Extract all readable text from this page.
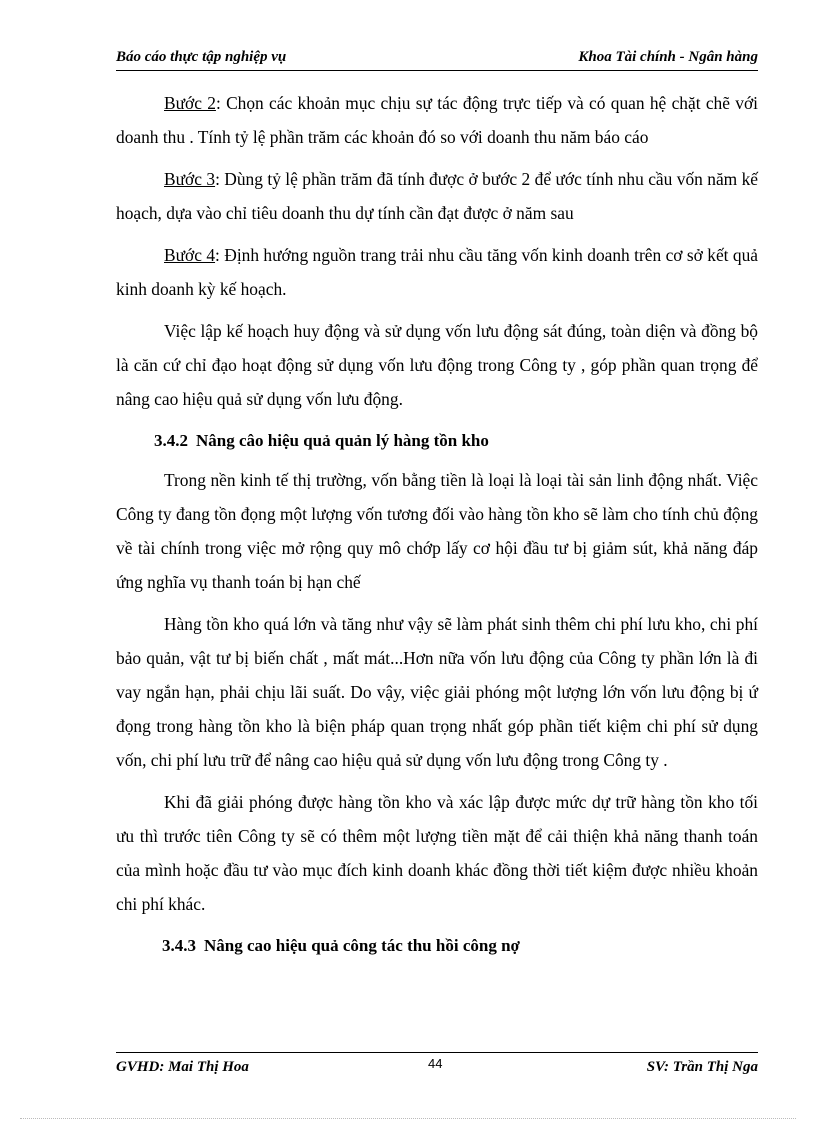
Báo cáo thực tập nghiệp vụ	Khoa Tài chính - Ngân hàng

Bước 2: Chọn các khoản mục chịu sự tác động trực tiếp và có quan hệ chặt chẽ với doanh thu . Tính tỷ lệ phần trăm các khoản đó so với doanh thu năm báo cáo

Bước 3: Dùng tỷ lệ phần trăm đã tính được ở bước 2 để ước tính nhu cầu vốn năm kế hoạch, dựa vào chỉ tiêu doanh thu dự tính cần đạt được ở năm sau

Bước 4: Định hướng nguồn trang trải nhu cầu tăng vốn kinh doanh trên cơ sở kết quả kinh doanh kỳ kế hoạch.

Việc lập kế hoạch huy động và sử dụng vốn lưu động sát đúng, toàn diện và đồng bộ là căn cứ chỉ đạo hoạt động sử dụng vốn lưu động trong Công ty , góp phần quan trọng để nâng cao hiệu quả sử dụng vốn lưu động.

3.4.2 Nâng câo hiệu quả quản lý hàng tồn kho

Trong nền kinh tế thị trường, vốn bằng tiền là loại là loại tài sản linh động nhất. Việc Công ty đang tồn đọng một lượng vốn tương đối vào hàng tồn kho sẽ làm cho tính chủ động về tài chính trong việc mở rộng quy mô chớp lấy cơ hội đầu tư bị giảm sút, khả năng đáp ứng nghĩa vụ thanh toán bị hạn chế

Hàng tồn kho quá lớn và tăng như vậy sẽ làm phát sinh thêm chi phí lưu kho, chi phí bảo quản, vật tư bị biến chất , mất mát...Hơn nữa vốn lưu động của Công ty phần lớn là đi vay ngắn hạn, phải chịu lãi suất. Do vậy, việc giải phóng một lượng lớn vốn lưu động bị ứ đọng trong hàng tồn kho là biện pháp quan trọng nhất góp phần tiết kiệm chi phí sử dụng vốn, chi phí lưu trữ để nâng cao hiệu quả sử dụng vốn lưu động trong Công ty .

Khi đã giải phóng được hàng tồn kho và xác lập được mức dự trữ hàng tồn kho tối ưu thì trước tiên Công ty sẽ có thêm một lượng tiền mặt để cải thiện khả năng thanh toán của mình hoặc đầu tư vào mục đích kinh doanh khác đồng thời tiết kiệm được nhiều khoản chi phí khác.

3.4.3 Nâng cao hiệu quả công tác thu hồi công nợ
GVHD: Mai Thị Hoa	44	SV: Trần Thị Nga
